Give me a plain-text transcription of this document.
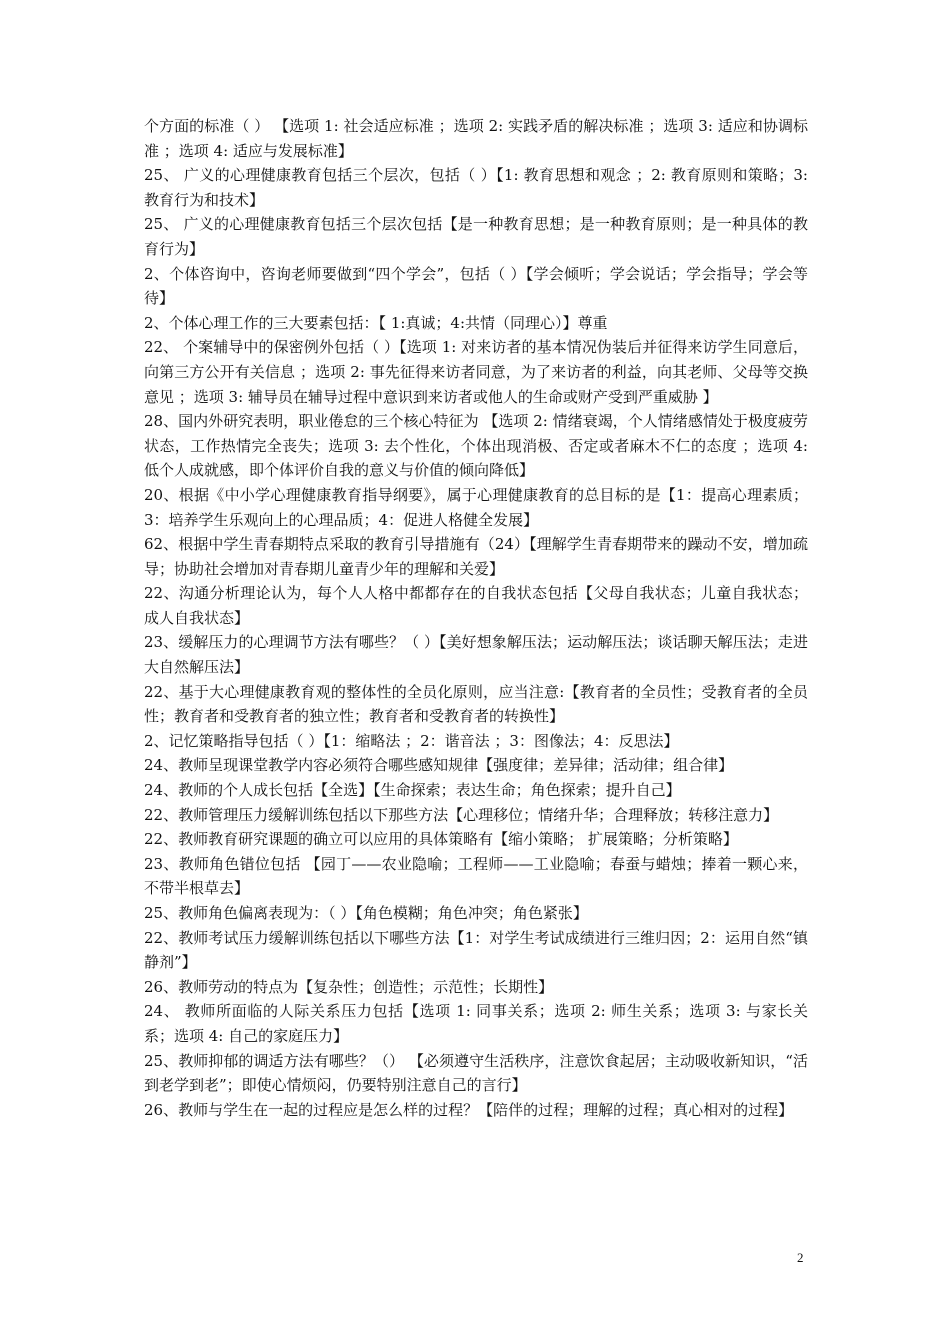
个方面的标准（ ） 【选项 1: 社会适应标准 ；选项 2: 实践矛盾的解决标准 ；选项 3: 适应和协调标准 ；选项 4: 适应与发展标准】

25、 广义的心理健康教育包括三个层次，包括（ ）【1: 教育思想和观念 ；2: 教育原则和策略；3: 教育行为和技术】

25、 广义的心理健康教育包括三个层次包括【是一种教育思想；是一种教育原则；是一种具体的教育行为】

2、个体咨询中，咨询老师要做到“四个学会”，包括（ ）【学会倾听；学会说话；学会指导；学会等待】

2、个体心理工作的三大要素包括：【 1:真诚；4:共情（同理心）】尊重

22、 个案辅导中的保密例外包括（ ）【选项 1: 对来访者的基本情况伪装后并征得来访学生同意后，向第三方公开有关信息 ；选项 2: 事先征得来访者同意，为了来访者的利益，向其老师、父母等交换意见 ；选项 3: 辅导员在辅导过程中意识到来访者或他人的生命或财产受到严重威胁 】

28、国内外研究表明，职业倦怠的三个核心特征为 【选项 2: 情绪衰竭，个人情绪感情处于极度疲劳状态，工作热情完全丧失；选项 3: 去个性化，个体出现消极、否定或者麻木不仁的态度 ；选项 4: 低个人成就感，即个体评价自我的意义与价值的倾向降低】

20、根据《中小学心理健康教育指导纲要》，属于心理健康教育的总目标的是【1：提高心理素质；3：培养学生乐观向上的心理品质；4：促进人格健全发展】

62、根据中学生青春期特点采取的教育引导措施有（24）【理解学生青春期带来的躁动不安，增加疏导；协助社会增加对青春期儿童青少年的理解和关爱】

22、沟通分析理论认为，每个人人格中都都存在的自我状态包括【父母自我状态；儿童自我状态；成人自我状态】

23、缓解压力的心理调节方法有哪些？（ ）【美好想象解压法；运动解压法；谈话聊天解压法；走进大自然解压法】

22、基于大心理健康教育观的整体性的全员化原则，应当注意:【教育者的全员性；受教育者的全员性；教育者和受教育者的独立性；教育者和受教育者的转换性】

2、记忆策略指导包括（ ）【1：缩略法 ；2：谐音法 ；3：图像法；4：反思法】

24、教师呈现课堂教学内容必须符合哪些感知规律【强度律；差异律；活动律；组合律】

24、教师的个人成长包括【全选】【生命探索；表达生命；角色探索；提升自己】

22、教师管理压力缓解训练包括以下那些方法【心理移位；情绪升华；合理释放；转移注意力】

22、教师教育研究课题的确立可以应用的具体策略有【缩小策略； 扩展策略；分析策略】

23、教师角色错位包括 【园丁——农业隐喻；工程师——工业隐喻；春蚕与蜡烛；捧着一颗心来，不带半根草去】

25、教师角色偏离表现为：（ ）【角色模糊；角色冲突；角色紧张】

22、教师考试压力缓解训练包括以下哪些方法【1：对学生考试成绩进行三维归因；2：运用自然“镇静剂”】

26、教师劳动的特点为【复杂性；创造性；示范性；长期性】

24、 教师所面临的人际关系压力包括【选项 1: 同事关系；选项 2: 师生关系；选项 3: 与家长关系；选项 4: 自己的家庭压力】

25、教师抑郁的调适方法有哪些？（） 【必须遵守生活秩序，注意饮食起居；主动吸收新知识，“活到老学到老”；即使心情烦闷，仍要特别注意自己的言行】

26、教师与学生在一起的过程应是怎么样的过程？【陪伴的过程；理解的过程；真心相对的过程】

2
